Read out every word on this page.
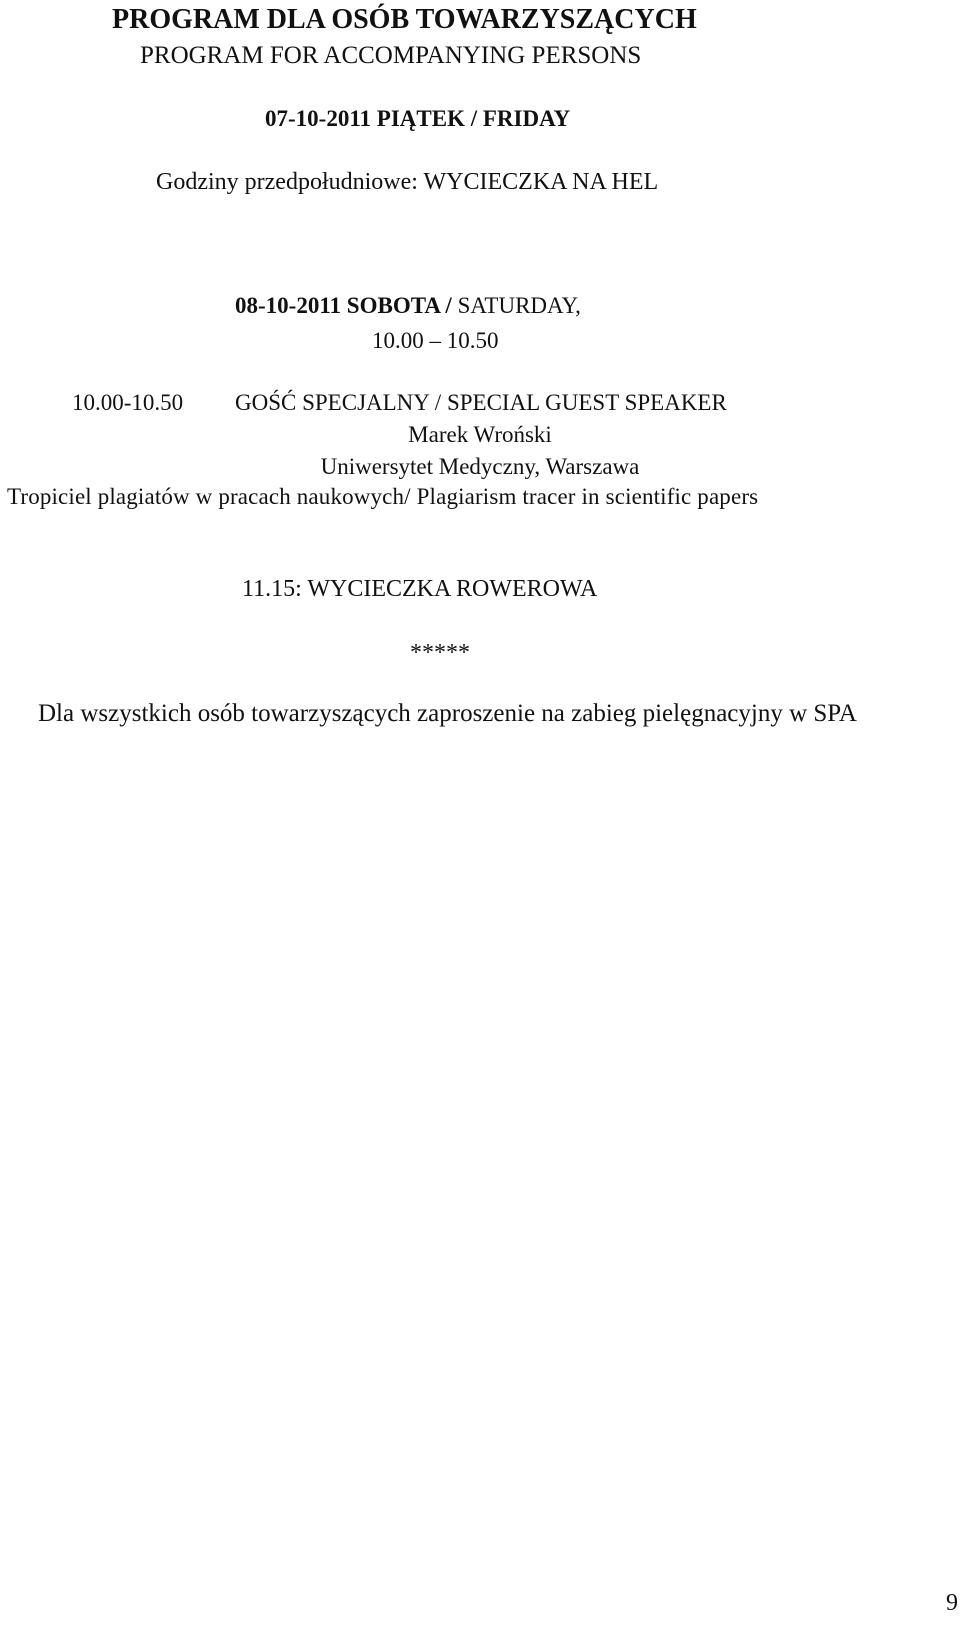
PROGRAM DLA OSÓB TOWARZYSZĄCYCH
PROGRAM FOR ACCOMPANYING PERSONS
07-10-2011 PIĄTEK / FRIDAY
Godziny przedpołudniowe: WYCIECZKA NA HEL
08-10-2011 SOBOTA / SATURDAY,
10.00 – 10.50
10.00-10.50 GOŚĆ SPECJALNY / SPECIAL GUEST SPEAKER
Marek Wroński
Uniwersytet Medyczny, Warszawa
Tropiciel plagiatów w pracach naukowych/ Plagiarism tracer in scientific papers
11.15: WYCIECZKA ROWEROWA
*****
Dla wszystkich osób towarzyszących zaproszenie na zabieg pielęgnacyjny w SPA
9
